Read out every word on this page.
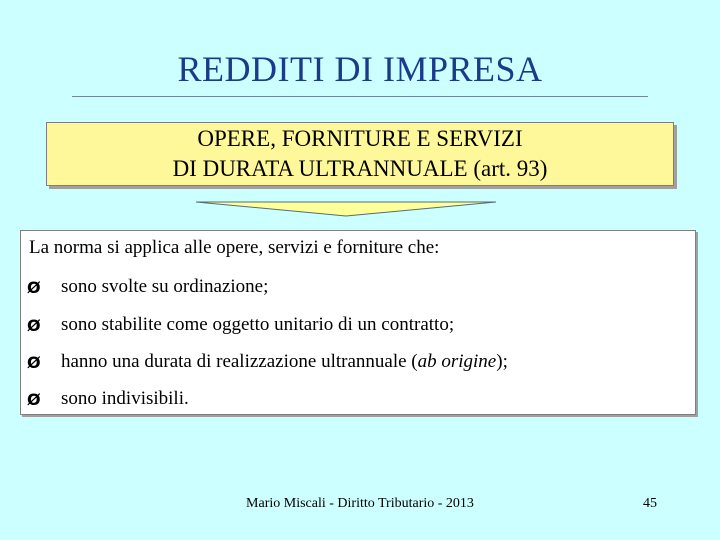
REDDITI DI IMPRESA
OPERE, FORNITURE E SERVIZI
DI DURATA ULTRANNUALE (art. 93)
La norma si applica alle opere, servizi e forniture che:
Ø	sono svolte su ordinazione;
Ø	sono stabilite come oggetto unitario di un contratto;
Ø	hanno una durata di realizzazione ultrannuale (ab origine);
Ø	sono indivisibili.
Mario Miscali - Diritto Tributario - 2013	45
